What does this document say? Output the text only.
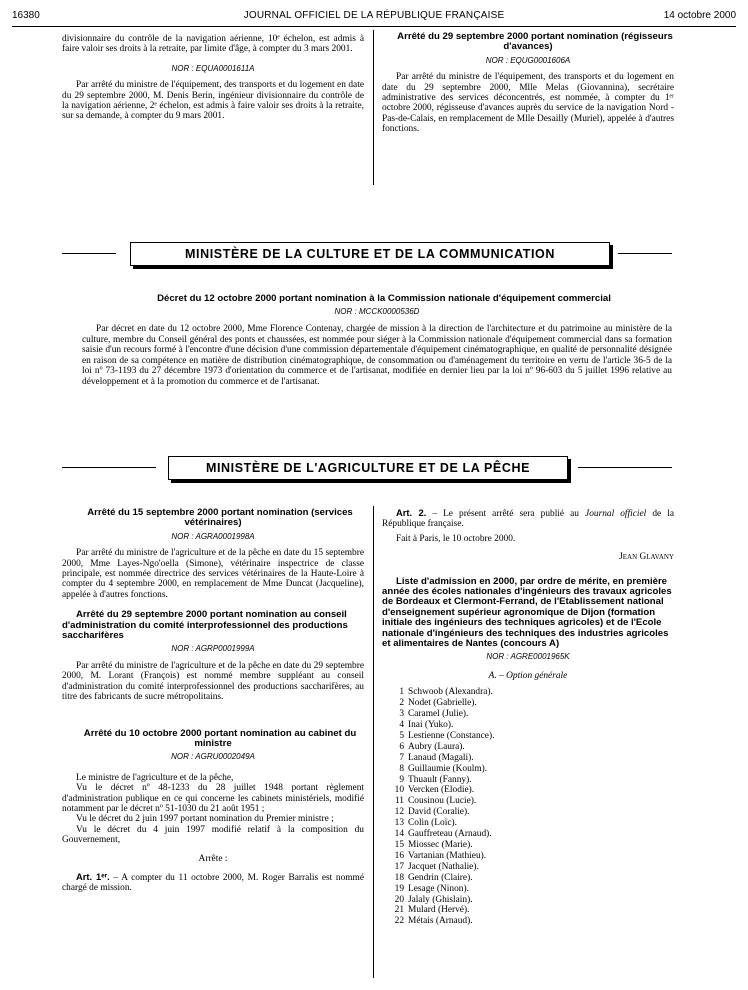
16380	JOURNAL OFFICIEL DE LA RÉPUBLIQUE FRANÇAISE	14 octobre 2000

divisionnaire du contrôle de la navigation aérienne, 10ᵉ échelon, est admis à faire valoir ses droits à la retraite, par limite d'âge, à compter du 3 mars 2001.

NOR : EQUA0001611A

Par arrêté du ministre de l'équipement, des transports et du logement en date du 29 septembre 2000, M. Denis Berin, ingénieur divisionnaire du contrôle de la navigation aérienne, 2ᵉ échelon, est admis à faire valoir ses droits à la retraite, sur sa demande, à compter du 9 mars 2001.

Arrêté du 29 septembre 2000 portant nomination (régisseurs d'avances)

NOR : EQUG0001606A

Par arrêté du ministre de l'équipement, des transports et du logement en date du 29 septembre 2000, Mlle Melas (Giovannina), secrétaire administrative des services déconcentrés, est nommée, à compter du 1ᵉʳ octobre 2000, régisseuse d'avances auprès du service de la navigation Nord - Pas-de-Calais, en remplacement de Mlle Desailly (Muriel), appelée à d'autres fonctions.

MINISTÈRE DE LA CULTURE ET DE LA COMMUNICATION

Décret du 12 octobre 2000 portant nomination à la Commission nationale d'équipement commercial

NOR : MCCK0000536D

Par décret en date du 12 octobre 2000, Mme Florence Contenay, chargée de mission à la direction de l'architecture et du patrimoine au ministère de la culture, membre du Conseil général des ponts et chaussées, est nommée pour siéger à la Commission nationale d'équipement commercial dans sa formation saisie d'un recours formé à l'encontre d'une décision d'une commission départementale d'équipement cinématographique, en qualité de personnalité désignée en raison de sa compétence en matière de distribution cinématographique, de consommation ou d'aménagement du territoire en vertu de l'article 36-5 de la loi nº 73-1193 du 27 décembre 1973 d'orientation du commerce et de l'artisanat, modifiée en dernier lieu par la loi nº 96-603 du 5 juillet 1996 relative au développement et à la promotion du commerce et de l'artisanat.

MINISTÈRE DE L'AGRICULTURE ET DE LA PÊCHE

Arrêté du 15 septembre 2000 portant nomination (services vétérinaires)

NOR : AGRA0001998A

Par arrêté du ministre de l'agriculture et de la pêche en date du 15 septembre 2000, Mme Layes-Ngo'oella (Simone), vétérinaire inspectrice de classe principale, est nommée directrice des services vétérinaires de la Haute-Loire à compter du 4 septembre 2000, en remplacement de Mme Duncat (Jacqueline), appelée à d'autres fonctions.

Arrêté du 29 septembre 2000 portant nomination au conseil d'administration du comité interprofessionnel des productions saccharifères

NOR : AGRP0001999A

Par arrêté du ministre de l'agriculture et de la pêche en date du 29 septembre 2000, M. Lorant (François) est nommé membre suppléant au conseil d'administration du comité interprofessionnel des productions saccharifères, au titre des fabricants de sucre métropolitains.

Arrêté du 10 octobre 2000 portant nomination au cabinet du ministre

NOR : AGRU0002049A

Le ministre de l'agriculture et de la pêche,

Vu le décret nº 48-1233 du 28 juillet 1948 portant règlement d'administration publique en ce qui concerne les cabinets ministériels, modifié notamment par le décret nº 51-1030 du 21 août 1951 ;

Vu le décret du 2 juin 1997 portant nomination du Premier ministre ;

Vu le décret du 4 juin 1997 modifié relatif à la composition du Gouvernement,

Arrête :

Art. 1ᵉʳ. – A compter du 11 octobre 2000, M. Roger Barralis est nommé chargé de mission.

Art. 2. – Le présent arrêté sera publié au Journal officiel de la République française.

Fait à Paris, le 10 octobre 2000.

Jean Glavany

Liste d'admission en 2000, par ordre de mérite, en première année des écoles nationales d'ingénieurs des travaux agricoles de Bordeaux et Clermont-Ferrand, de l'Etablissement national d'enseignement supérieur agronomique de Dijon (formation initiale des ingénieurs des techniques agricoles) et de l'Ecole nationale d'ingénieurs des techniques des industries agricoles et alimentaires de Nantes (concours A)

NOR : AGRE0001965K
A. – Option générale
1 Schwoob (Alexandra).
2 Nodet (Gabrielle).
3 Caramel (Julie).
4 Inai (Yuko).
5 Lestienne (Constance).
6 Aubry (Laura).
7 Lanaud (Magali).
8 Guillaumie (Koulm).
9 Thuault (Fanny).
10 Vercken (Elodie).
11 Cousinou (Lucie).
12 David (Coralie).
13 Colin (Loïc).
14 Gauffreteau (Arnaud).
15 Miossec (Marie).
16 Vartanian (Mathieu).
17 Jacquet (Nathalie).
18 Gendrin (Claire).
19 Lesage (Ninon).
20 Jalaly (Ghislain).
21 Mulard (Hervé).
22 Métais (Arnaud).
